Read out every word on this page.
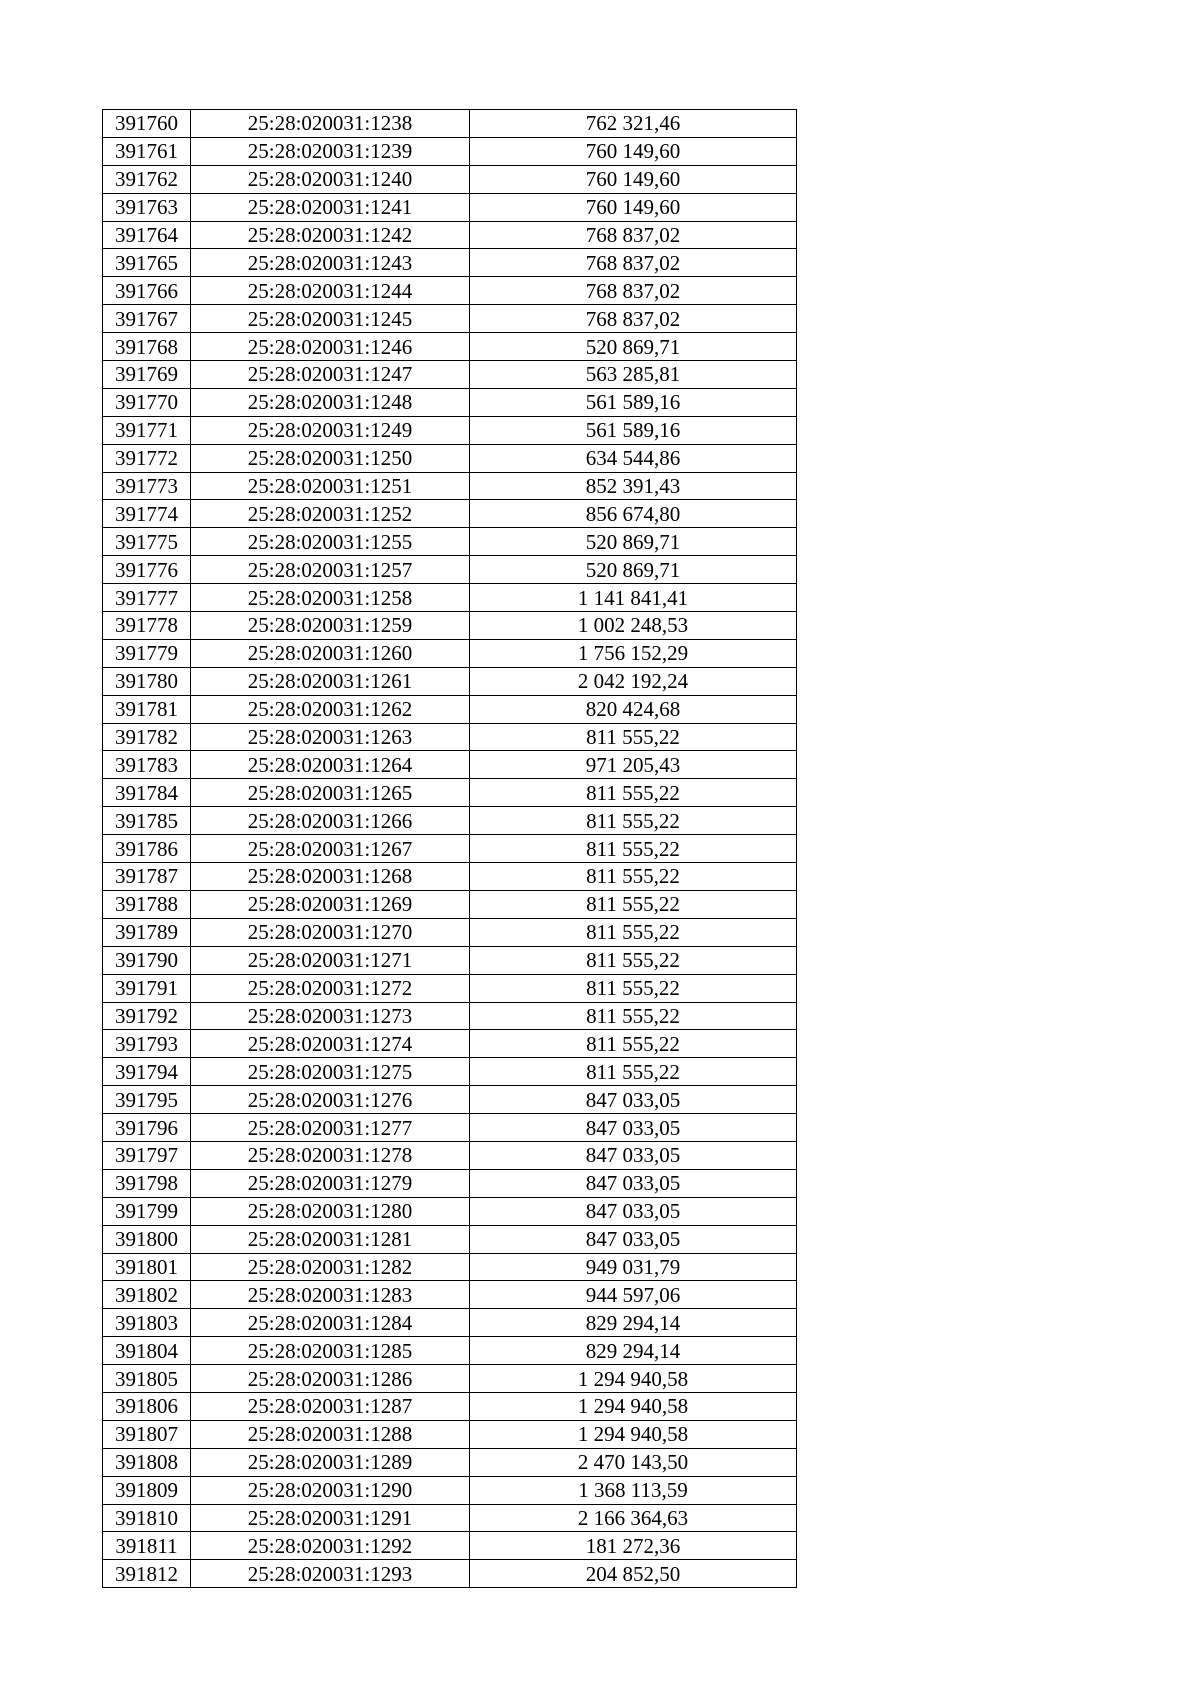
391760	25:28:020031:1238	762 321,46
391761	25:28:020031:1239	760 149,60
391762	25:28:020031:1240	760 149,60
391763	25:28:020031:1241	760 149,60
391764	25:28:020031:1242	768 837,02
391765	25:28:020031:1243	768 837,02
391766	25:28:020031:1244	768 837,02
391767	25:28:020031:1245	768 837,02
391768	25:28:020031:1246	520 869,71
391769	25:28:020031:1247	563 285,81
391770	25:28:020031:1248	561 589,16
391771	25:28:020031:1249	561 589,16
391772	25:28:020031:1250	634 544,86
391773	25:28:020031:1251	852 391,43
391774	25:28:020031:1252	856 674,80
391775	25:28:020031:1255	520 869,71
391776	25:28:020031:1257	520 869,71
391777	25:28:020031:1258	1 141 841,41
391778	25:28:020031:1259	1 002 248,53
391779	25:28:020031:1260	1 756 152,29
391780	25:28:020031:1261	2 042 192,24
391781	25:28:020031:1262	820 424,68
391782	25:28:020031:1263	811 555,22
391783	25:28:020031:1264	971 205,43
391784	25:28:020031:1265	811 555,22
391785	25:28:020031:1266	811 555,22
391786	25:28:020031:1267	811 555,22
391787	25:28:020031:1268	811 555,22
391788	25:28:020031:1269	811 555,22
391789	25:28:020031:1270	811 555,22
391790	25:28:020031:1271	811 555,22
391791	25:28:020031:1272	811 555,22
391792	25:28:020031:1273	811 555,22
391793	25:28:020031:1274	811 555,22
391794	25:28:020031:1275	811 555,22
391795	25:28:020031:1276	847 033,05
391796	25:28:020031:1277	847 033,05
391797	25:28:020031:1278	847 033,05
391798	25:28:020031:1279	847 033,05
391799	25:28:020031:1280	847 033,05
391800	25:28:020031:1281	847 033,05
391801	25:28:020031:1282	949 031,79
391802	25:28:020031:1283	944 597,06
391803	25:28:020031:1284	829 294,14
391804	25:28:020031:1285	829 294,14
391805	25:28:020031:1286	1 294 940,58
391806	25:28:020031:1287	1 294 940,58
391807	25:28:020031:1288	1 294 940,58
391808	25:28:020031:1289	2 470 143,50
391809	25:28:020031:1290	1 368 113,59
391810	25:28:020031:1291	2 166 364,63
391811	25:28:020031:1292	181 272,36
391812	25:28:020031:1293	204 852,50
